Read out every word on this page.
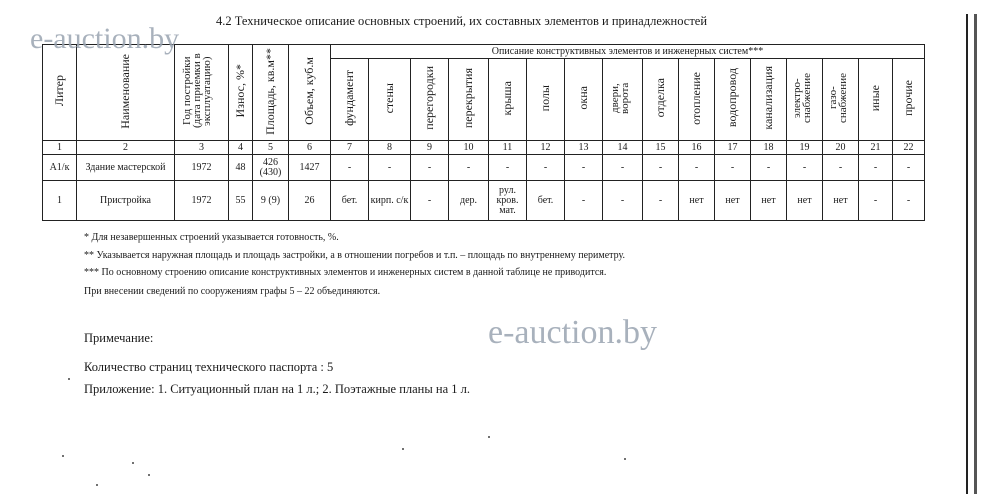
4.2 Техническое описание основных строений, их составных элементов и принадлежностей
Литер	Наименование	Год постройки (дата приемки в эксплуатацию)	Износ, %*	Площадь, кв.м**	Объем, куб.м	Описание конструктивных элементов и инженерных систем***															
						фундамент	стены	перегородки	перекрытия	крыша	полы	окна	двери, ворота	отделка	отопление	водопровод	канализация	электро-снабжение	газо-снабжение	иные	прочие
1	2	3	4	5	6	7	8	9	10	11	12	13	14	15	16	17	18	19	20	21	22
А1/к	Здание мастерской	1972	48	426 (430)	1427	-	-	-	-	-	-	-	-	-	-	-	-	-	-	-	-
1	Пристройка	1972	55	9 (9)	26	бет.	кирп. с/к	-	дер.	рул. кров. мат.	бет.	-	-	-	нет	нет	нет	нет	нет	-	-
e-auction.by
* Для незавершенных строений указывается готовность, %.
** Указывается наружная площадь и площадь застройки, а в отношении погребов и т.п. – площадь по внутреннему периметру.
*** По основному строению описание конструктивных элементов и инженерных систем в данной таблице не приводится.
При внесении сведений по сооружениям графы 5 – 22 объединяются.
e-auction.by
Примечание:
Количество страниц технического паспорта : 5
Приложение: 1. Ситуационный план на 1 л.; 2. Поэтажные планы на 1 л.
